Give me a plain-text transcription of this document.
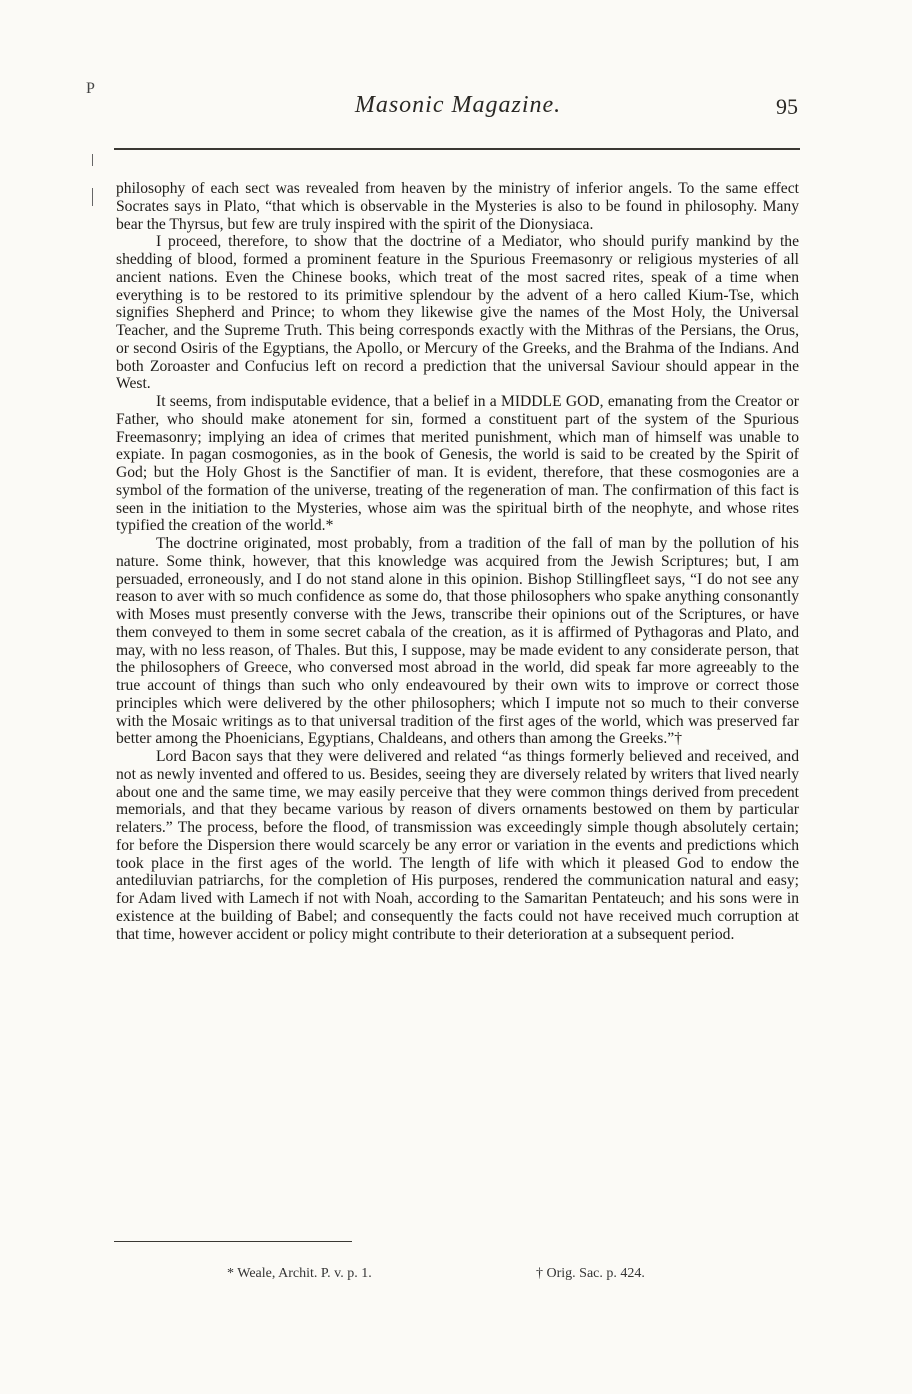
P
Masonic Magazine.	95

philosophy of each sect was revealed from heaven by the ministry of inferior angels. To the same effect Socrates says in Plato, “that which is observable in the Mysteries is also to be found in philosophy. Many bear the Thyrsus, but few are truly inspired with the spirit of the Dionysiaca.

I proceed, therefore, to show that the doctrine of a Mediator, who should purify mankind by the shedding of blood, formed a prominent feature in the Spurious Freemasonry or religious mysteries of all ancient nations. Even the Chinese books, which treat of the most sacred rites, speak of a time when everything is to be restored to its primitive splendour by the advent of a hero called Kium-Tse, which signifies Shepherd and Prince; to whom they likewise give the names of the Most Holy, the Universal Teacher, and the Supreme Truth. This being corresponds exactly with the Mithras of the Persians, the Orus, or second Osiris of the Egyptians, the Apollo, or Mercury of the Greeks, and the Brahma of the Indians. And both Zoroaster and Confucius left on record a prediction that the universal Saviour should appear in the West.

It seems, from indisputable evidence, that a belief in a MIDDLE GOD, emanating from the Creator or Father, who should make atonement for sin, formed a constituent part of the system of the Spurious Freemasonry; implying an idea of crimes that merited punishment, which man of himself was unable to expiate. In pagan cosmogonies, as in the book of Genesis, the world is said to be created by the Spirit of God; but the Holy Ghost is the Sanctifier of man. It is evident, therefore, that these cosmogonies are a symbol of the formation of the universe, treating of the regeneration of man. The confirmation of this fact is seen in the initiation to the Mysteries, whose aim was the spiritual birth of the neophyte, and whose rites typified the creation of the world.*

The doctrine originated, most probably, from a tradition of the fall of man by the pollution of his nature. Some think, however, that this knowledge was acquired from the Jewish Scriptures; but, I am persuaded, erroneously, and I do not stand alone in this opinion. Bishop Stillingfleet says, “I do not see any reason to aver with so much confidence as some do, that those philosophers who spake anything consonantly with Moses must presently converse with the Jews, transcribe their opinions out of the Scriptures, or have them conveyed to them in some secret cabala of the creation, as it is affirmed of Pythagoras and Plato, and may, with no less reason, of Thales. But this, I suppose, may be made evident to any considerate person, that the philosophers of Greece, who conversed most abroad in the world, did speak far more agreeably to the true account of things than such who only endeavoured by their own wits to improve or correct those principles which were delivered by the other philosophers; which I impute not so much to their converse with the Mosaic writings as to that universal tradition of the first ages of the world, which was preserved far better among the Phoenicians, Egyptians, Chaldeans, and others than among the Greeks.”†

Lord Bacon says that they were delivered and related “as things formerly believed and received, and not as newly invented and offered to us. Besides, seeing they are diversely related by writers that lived nearly about one and the same time, we may easily perceive that they were common things derived from precedent memorials, and that they became various by reason of divers ornaments bestowed on them by particular relaters.” The process, before the flood, of transmission was exceedingly simple though absolutely certain; for before the Dispersion there would scarcely be any error or variation in the events and predictions which took place in the first ages of the world. The length of life with which it pleased God to endow the antediluvian patriarchs, for the completion of His purposes, rendered the communication natural and easy; for Adam lived with Lamech if not with Noah, according to the Samaritan Pentateuch; and his sons were in existence at the building of Babel; and consequently the facts could not have received much corruption at that time, however accident or policy might contribute to their deterioration at a subsequent period.

* Weale, Archit. P. v. p. 1.	† Orig. Sac. p. 424.
